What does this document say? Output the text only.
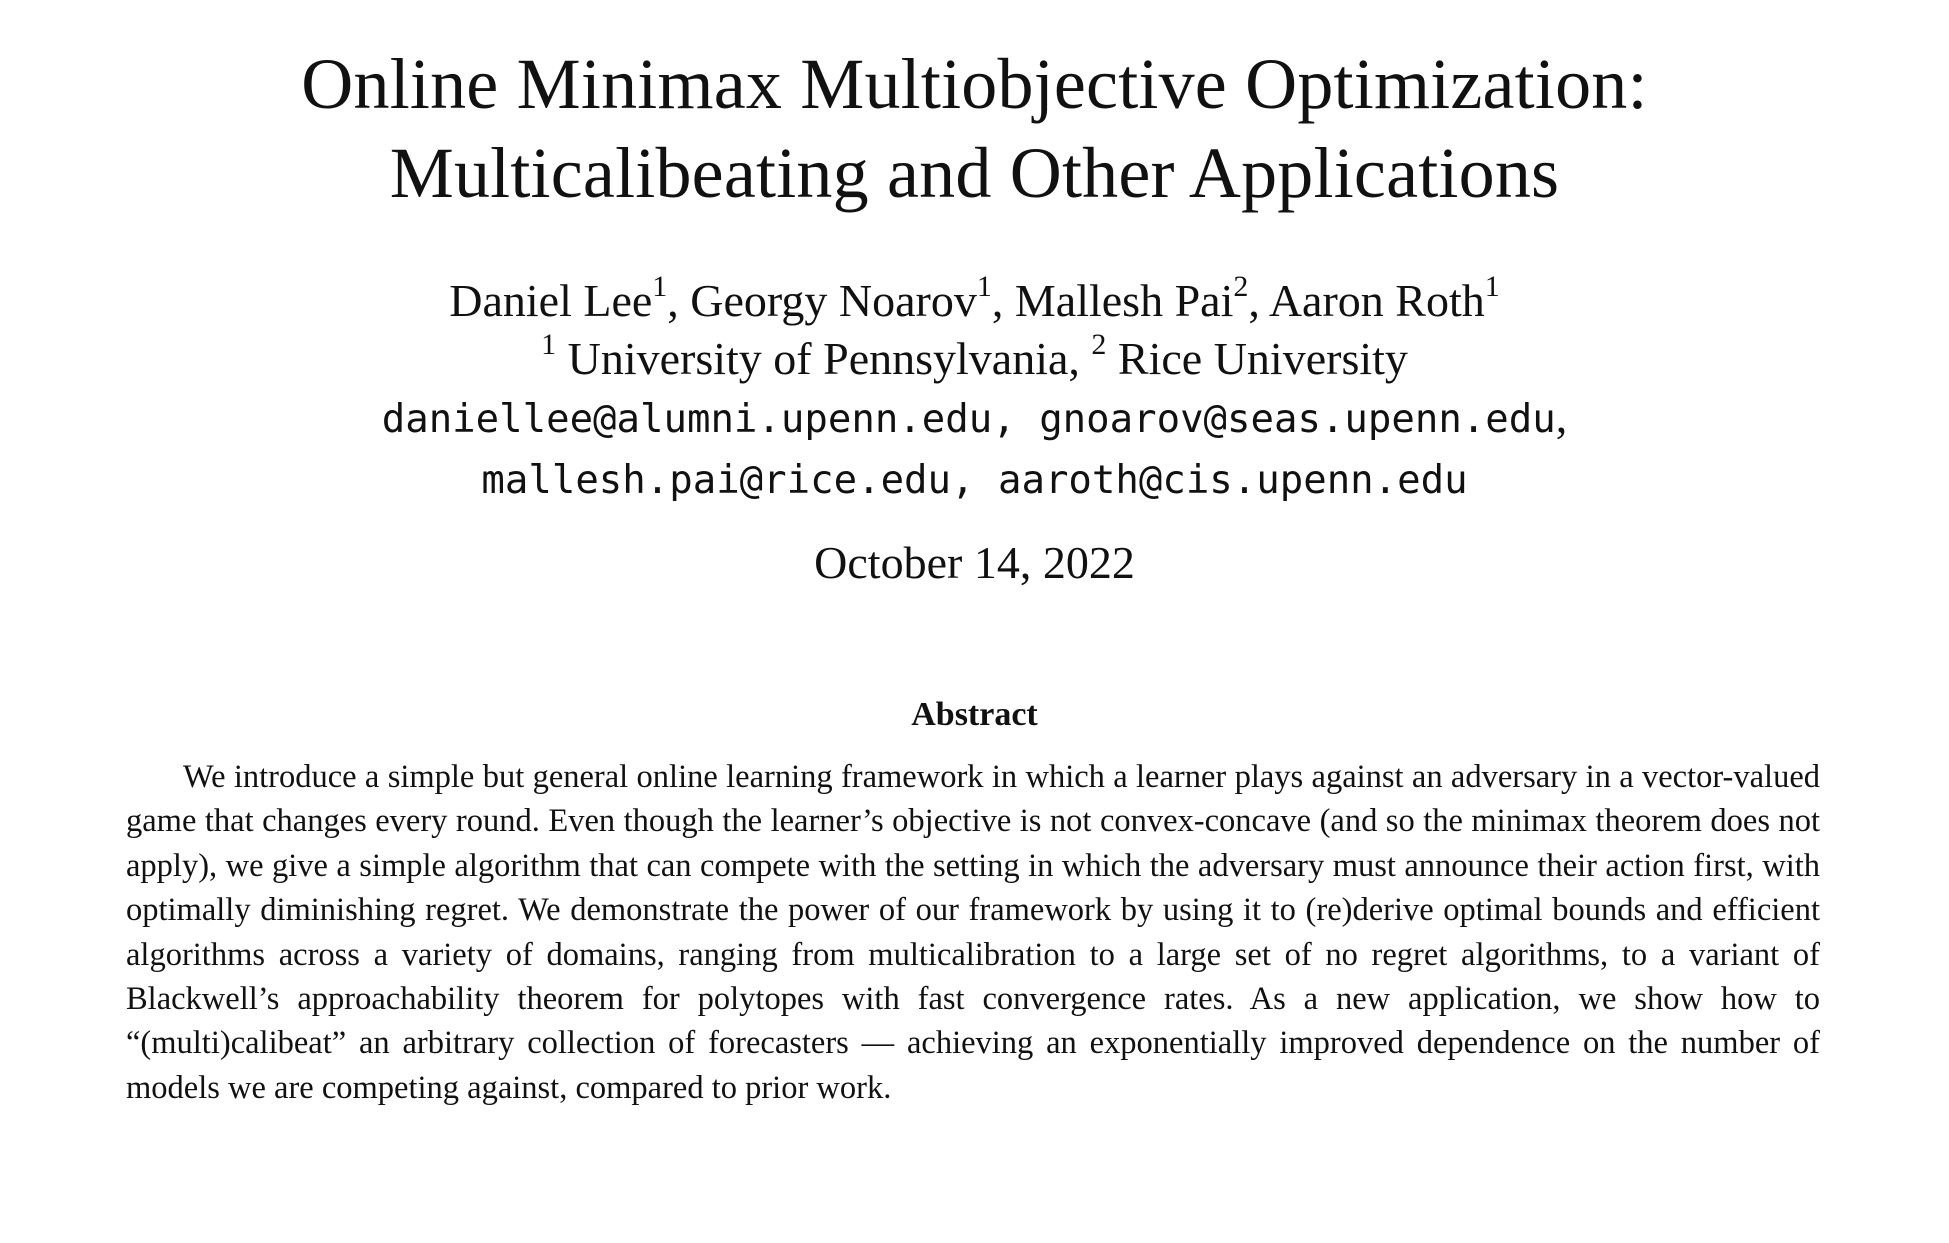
Online Minimax Multiobjective Optimization:
Multicalibeating and Other Applications
Daniel Lee$^1$, Georgy Noarov$^1$, Mallesh Pai$^2$, Aaron Roth$^1$
$^1$ University of Pennsylvania, $^2$ Rice University
daniellee@alumni.upenn.edu, gnoarov@seas.upenn.edu,
mallesh.pai@rice.edu, aaroth@cis.upenn.edu
October 14, 2022
Abstract

We introduce a simple but general online learning framework in which a learner plays against an adversary in a vector-valued game that changes every round. Even though the learner’s objective is not convex-concave (and so the minimax theorem does not apply), we give a simple algorithm that can compete with the setting in which the adversary must announce their action first, with optimally diminishing regret. We demonstrate the power of our framework by using it to (re)derive optimal bounds and efficient algorithms across a variety of domains, ranging from multicalibration to a large set of no regret algorithms, to a variant of Blackwell’s approachability theorem for polytopes with fast convergence rates. As a new application, we show how to “(multi)calibeat” an arbitrary collection of forecasters — achieving an exponentially improved dependence on the number of models we are competing against, compared to prior work.
